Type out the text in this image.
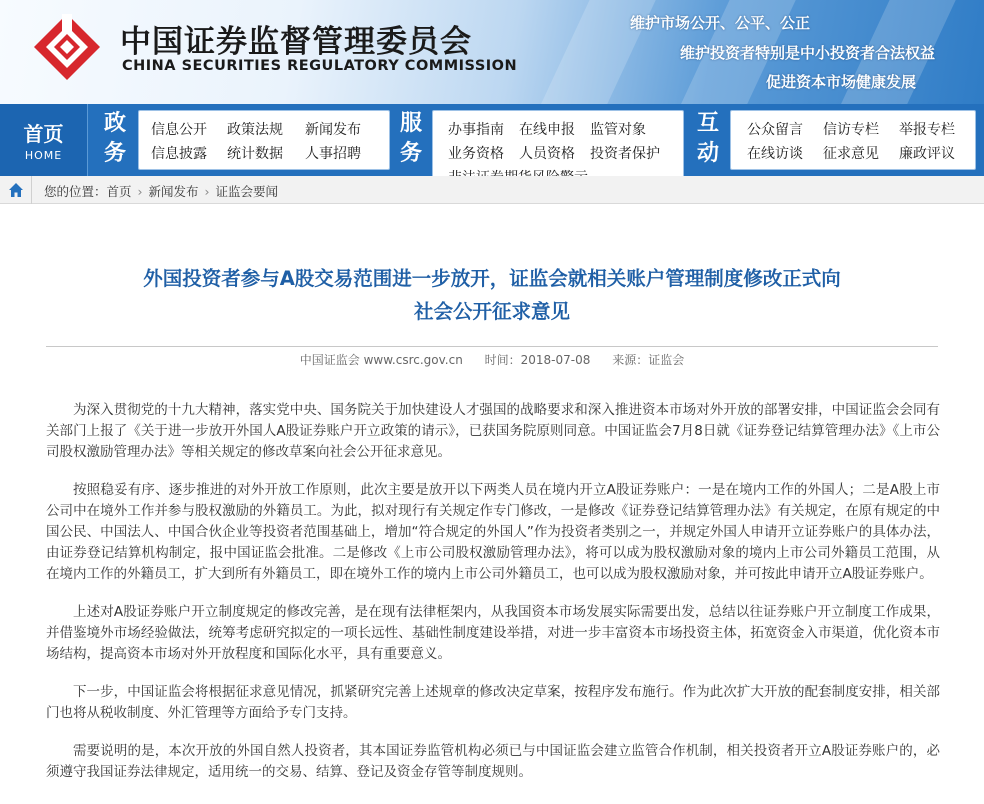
中国证券监督管理委员会
CHINA SECURITIES REGULATORY COMMISSION
维护市场公开、公平、公正
维护投资者特别是中小投资者合法权益
促进资本市场健康发展
首页
HOME
政
务
信息公开 政策法规 新闻发布
信息披露 统计数据 人事招聘
服
务
办事指南 在线申报 监管对象
业务资格 人员资格 投资者保护
互
动
公众留言 信访专栏 举报专栏
在线访谈 征求意见 廉政评议
您的位置：首页 › 新闻发布 › 证监会要闻
外国投资者参与A股交易范围进一步放开，证监会就相关账户管理制度修改正式向
社会公开征求意见
中国证监会 www.csrc.gov.cn 时间：2018-07-08 来源：证监会

为深入贯彻党的十九大精神，落实党中央、国务院关于加快建设人才强国的战略要求和深入推进资本市场对外开放的部署安排，中国证监会会同有关部门上报了《关于进一步放开外国人A股证券账户开立政策的请示》，已获国务院原则同意。中国证监会7月8日就《证券登记结算管理办法》《上市公司股权激励管理办法》等相关规定的修改草案向社会公开征求意见。

按照稳妥有序、逐步推进的对外开放工作原则，此次主要是放开以下两类人员在境内开立A股证券账户：一是在境内工作的外国人；二是A股上市公司中在境外工作并参与股权激励的外籍员工。为此，拟对现行有关规定作专门修改，一是修改《证券登记结算管理办法》有关规定，在原有规定的中国公民、中国法人、中国合伙企业等投资者范围基础上，增加“符合规定的外国人”作为投资者类别之一，并规定外国人申请开立证券账户的具体办法，由证券登记结算机构制定，报中国证监会批准。二是修改《上市公司股权激励管理办法》，将可以成为股权激励对象的境内上市公司外籍员工范围，从在境内工作的外籍员工，扩大到所有外籍员工，即在境外工作的境内上市公司外籍员工，也可以成为股权激励对象，并可按此申请开立A股证券账户。

上述对A股证券账户开立制度规定的修改完善，是在现有法律框架内，从我国资本市场发展实际需要出发，总结以往证券账户开立制度工作成果，并借鉴境外市场经验做法，统筹考虑研究拟定的一项长远性、基础性制度建设举措，对进一步丰富资本市场投资主体，拓宽资金入市渠道，优化资本市场结构，提高资本市场对外开放程度和国际化水平，具有重要意义。

下一步，中国证监会将根据征求意见情况，抓紧研究完善上述规章的修改决定草案，按程序发布施行。作为此次扩大开放的配套制度安排，相关部门也将从税收制度、外汇管理等方面给予专门支持。

需要说明的是，本次开放的外国自然人投资者，其本国证券监管机构必须已与中国证监会建立监管合作机制，相关投资者开立A股证券账户的，必须遵守我国证券法律规定，适用统一的交易、结算、登记及资金存管等制度规则。
